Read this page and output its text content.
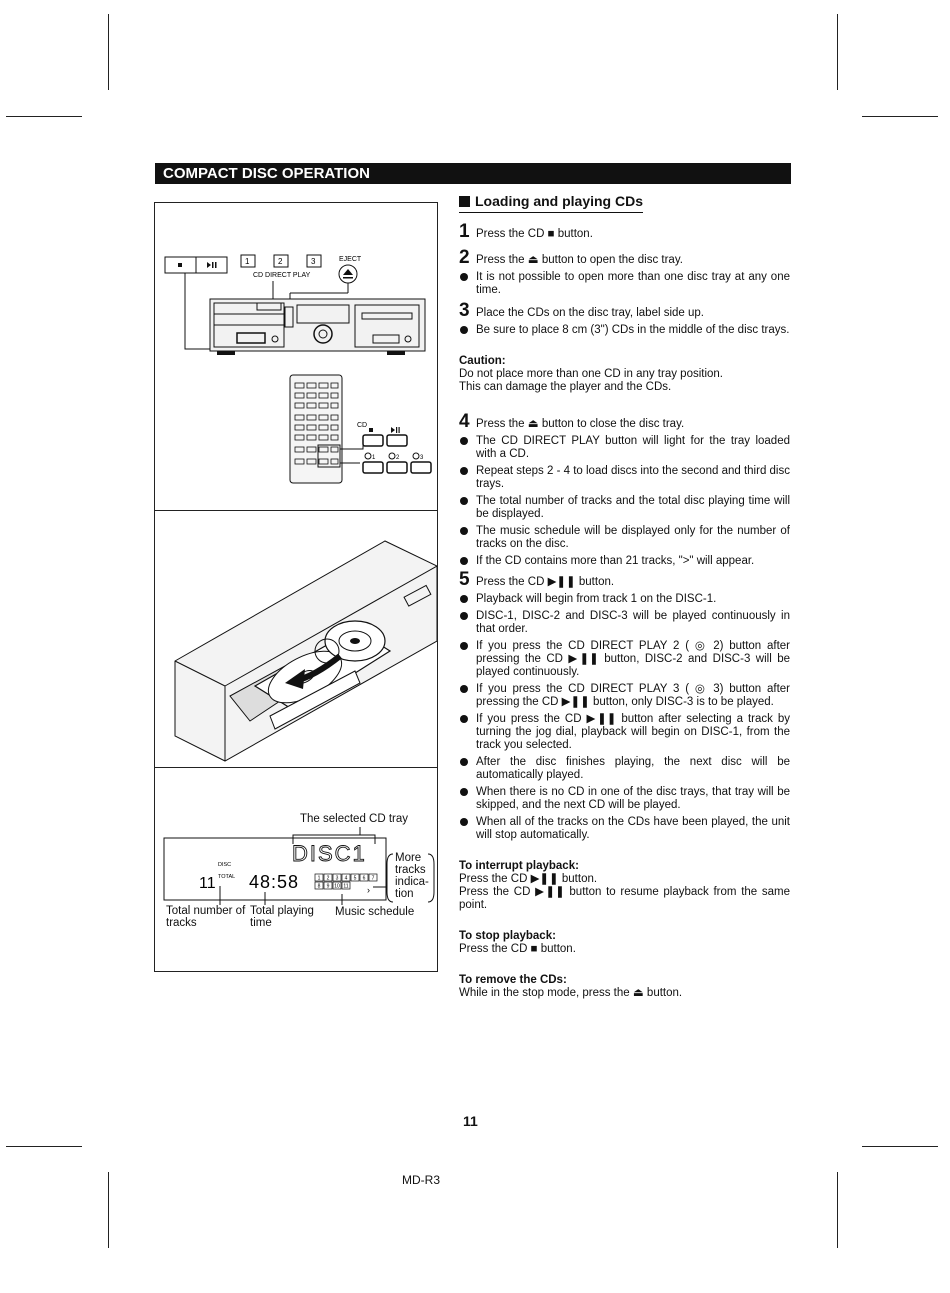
COMPACT DISC OPERATION
1	2	3	EJECT
CD DIRECT PLAY
CD
1	2	3
The selected CD tray
DISC
TOTAL
11 48:58
DISC1
1 2 3 4 5 6 7
8 9 10 11 ›
More
tracks
indica-
tion
Total number of
tracks
Total playing
time
Music schedule
Loading and playing CDs
1 Press the CD ■ button.
2 Press the ⏏ button to open the disc tray.
It is not possible to open more than one disc tray at any one time.
3 Place the CDs on the disc tray, label side up.
Be sure to place 8 cm (3") CDs in the middle of the disc trays.
Caution:
Do not place more than one CD in any tray position.
This can damage the player and the CDs.
4 Press the ⏏ button to close the disc tray.
The CD DIRECT PLAY button will light for the tray loaded with a CD.
Repeat steps 2 - 4 to load discs into the second and third disc trays.
The total number of tracks and the total disc playing time will be displayed.
The music schedule will be displayed only for the number of tracks on the disc.
If the CD contains more than 21 tracks, ">" will appear.
5 Press the CD ▶❚❚ button.
Playback will begin from track 1 on the DISC-1.
DISC-1, DISC-2 and DISC-3 will be played continuously in that order.
If you press the CD DIRECT PLAY 2 ( ◎ 2) button after pressing the CD ▶❚❚ button, DISC-2 and DISC-3 will be played continuously.
If you press the CD DIRECT PLAY 3 ( ◎ 3) button after pressing the CD ▶❚❚ button, only DISC-3 is to be played.
If you press the CD ▶❚❚ button after selecting a track by turning the jog dial, playback will begin on DISC-1, from the track you selected.
After the disc finishes playing, the next disc will be automatically played.
When there is no CD in one of the disc trays, that tray will be skipped, and the next CD will be played.
When all of the tracks on the CDs have been played, the unit will stop automatically.
To interrupt playback:
Press the CD ▶❚❚ button.
Press the CD ▶❚❚ button to resume playback from the same point.
To stop playback:
Press the CD ■ button.
To remove the CDs:
While in the stop mode, press the ⏏ button.
11
MD-R3
